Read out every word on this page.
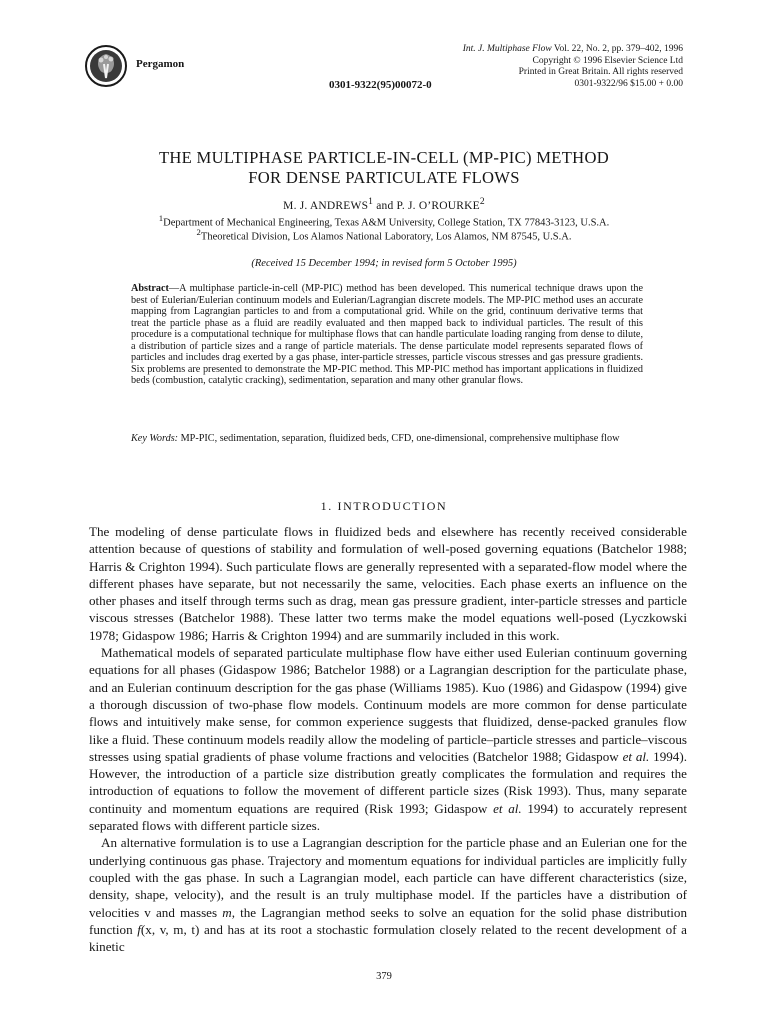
Pergamon
0301-9322(95)00072-0
Int. J. Multiphase Flow Vol. 22, No. 2, pp. 379–402, 1996
Copyright © 1996 Elsevier Science Ltd
Printed in Great Britain. All rights reserved
0301-9322/96 $15.00 + 0.00
THE MULTIPHASE PARTICLE-IN-CELL (MP-PIC) METHOD
FOR DENSE PARTICULATE FLOWS
M. J. ANDREWS$^1$ and P. J. O’ROURKE$^2$
$^1$Department of Mechanical Engineering, Texas A&M University, College Station, TX 77843-3123, U.S.A.
$^2$Theoretical Division, Los Alamos National Laboratory, Los Alamos, NM 87545, U.S.A.
(Received 15 December 1994; in revised form 5 October 1995)
Abstract—A multiphase particle-in-cell (MP-PIC) method has been developed. This numerical technique draws upon the best of Eulerian/Eulerian continuum models and Eulerian/Lagrangian discrete models. The MP-PIC method uses an accurate mapping from Lagrangian particles to and from a computational grid. While on the grid, continuum derivative terms that treat the particle phase as a fluid are readily evaluated and then mapped back to individual particles. The result of this procedure is a computational technique for multiphase flows that can handle particulate loading ranging from dense to dilute, a distribution of particle sizes and a range of particle materials. The dense particulate model represents separated flows of particles and includes drag exerted by a gas phase, inter-particle stresses, particle viscous stresses and gas pressure gradients. Six problems are presented to demonstrate the MP-PIC method. This MP-PIC method has important applications in fluidized beds (combustion, catalytic cracking), sedimentation, separation and many other granular flows.
Key Words: MP-PIC, sedimentation, separation, fluidized beds, CFD, one-dimensional, comprehensive multiphase flow
1. INTRODUCTION

The modeling of dense particulate flows in fluidized beds and elsewhere has recently received considerable attention because of questions of stability and formulation of well-posed governing equations (Batchelor 1988; Harris & Crighton 1994). Such particulate flows are generally represented with a separated-flow model where the different phases have separate, but not necessarily the same, velocities. Each phase exerts an influence on the other phases and itself through terms such as drag, mean gas pressure gradient, inter-particle stresses and particle viscous stresses (Batchelor 1988). These latter two terms make the model equations well-posed (Lyczkowski 1978; Gidaspow 1986; Harris & Crighton 1994) and are summarily included in this work.

Mathematical models of separated particulate multiphase flow have either used Eulerian continuum governing equations for all phases (Gidaspow 1986; Batchelor 1988) or a Lagrangian description for the particulate phase, and an Eulerian continuum description for the gas phase (Williams 1985). Kuo (1986) and Gidaspow (1994) give a thorough discussion of two-phase flow models. Continuum models are more common for dense particulate flows and intuitively make sense, for common experience suggests that fluidized, dense-packed granules flow like a fluid. These continuum models readily allow the modeling of particle–particle stresses and particle–viscous stresses using spatial gradients of phase volume fractions and velocities (Batchelor 1988; Gidaspow et al. 1994). However, the introduction of a particle size distribution greatly complicates the formulation and requires the introduction of equations to follow the movement of different particle sizes (Risk 1993). Thus, many separate continuity and momentum equations are required (Risk 1993; Gidaspow et al. 1994) to accurately represent separated flows with different particle sizes.

An alternative formulation is to use a Lagrangian description for the particle phase and an Eulerian one for the underlying continuous gas phase. Trajectory and momentum equations for individual particles are implicitly fully coupled with the gas phase. In such a Lagrangian model, each particle can have different characteristics (size, density, shape, velocity), and the result is an truly multiphase model. If the particles have a distribution of velocities v and masses m, the Lagrangian method seeks to solve an equation for the solid phase distribution function f(x, v, m, t) and has at its root a stochastic formulation closely related to the recent development of a kinetic

379
